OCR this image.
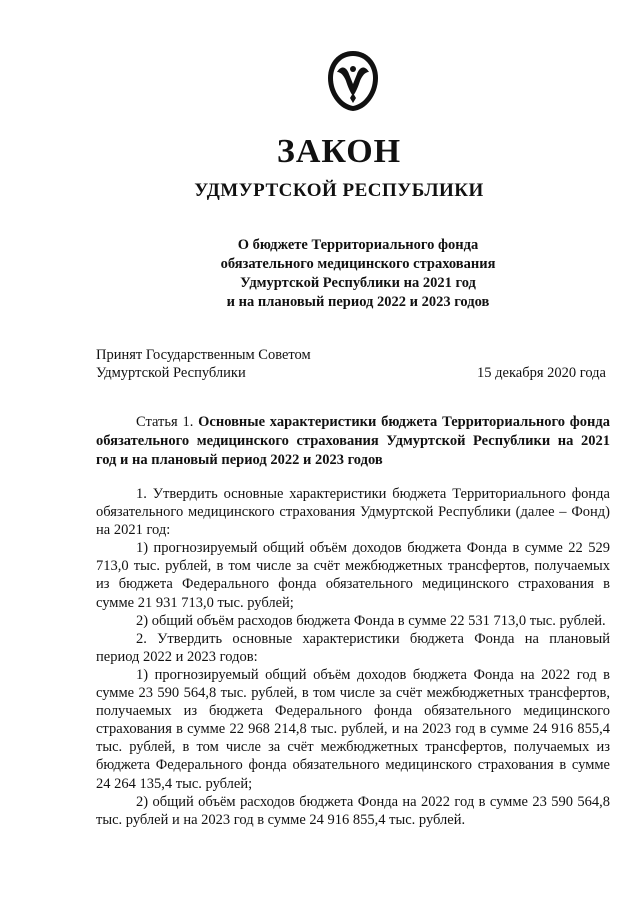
ЗАКОН
УДМУРТСКОЙ РЕСПУБЛИКИ
О бюджете Территориального фонда
обязательного медицинского страхования
Удмуртской Республики на 2021 год
и на плановый период 2022 и 2023 годов
Принят Государственным Советом
Удмуртской Республики	15 декабря 2020 года
Статья 1. Основные характеристики бюджета Территориального фонда обязательного медицинского страхования Удмуртской Республики на 2021 год и на плановый период 2022 и 2023 годов

1. Утвердить основные характеристики бюджета Территориального фонда обязательного медицинского страхования Удмуртской Республики (далее – Фонд) на 2021 год:

1) прогнозируемый общий объём доходов бюджета Фонда в сумме 22 529 713,0 тыс. рублей, в том числе за счёт межбюджетных трансфертов, получаемых из бюджета Федерального фонда обязательного медицинского страхования в сумме 21 931 713,0 тыс. рублей;

2) общий объём расходов бюджета Фонда в сумме 22 531 713,0 тыс. рублей.

2. Утвердить основные характеристики бюджета Фонда на плановый период 2022 и 2023 годов:

1) прогнозируемый общий объём доходов бюджета Фонда на 2022 год в сумме 23 590 564,8 тыс. рублей, в том числе за счёт межбюджетных трансфертов, получаемых из бюджета Федерального фонда обязательного медицинского страхования в сумме 22 968 214,8 тыс. рублей, и на 2023 год в сумме 24 916 855,4 тыс. рублей, в том числе за счёт межбюджетных трансфертов, получаемых из бюджета Федерального фонда обязательного медицинского страхования в сумме 24 264 135,4 тыс. рублей;

2) общий объём расходов бюджета Фонда на 2022 год в сумме 23 590 564,8 тыс. рублей и на 2023 год в сумме 24 916 855,4 тыс. рублей.
